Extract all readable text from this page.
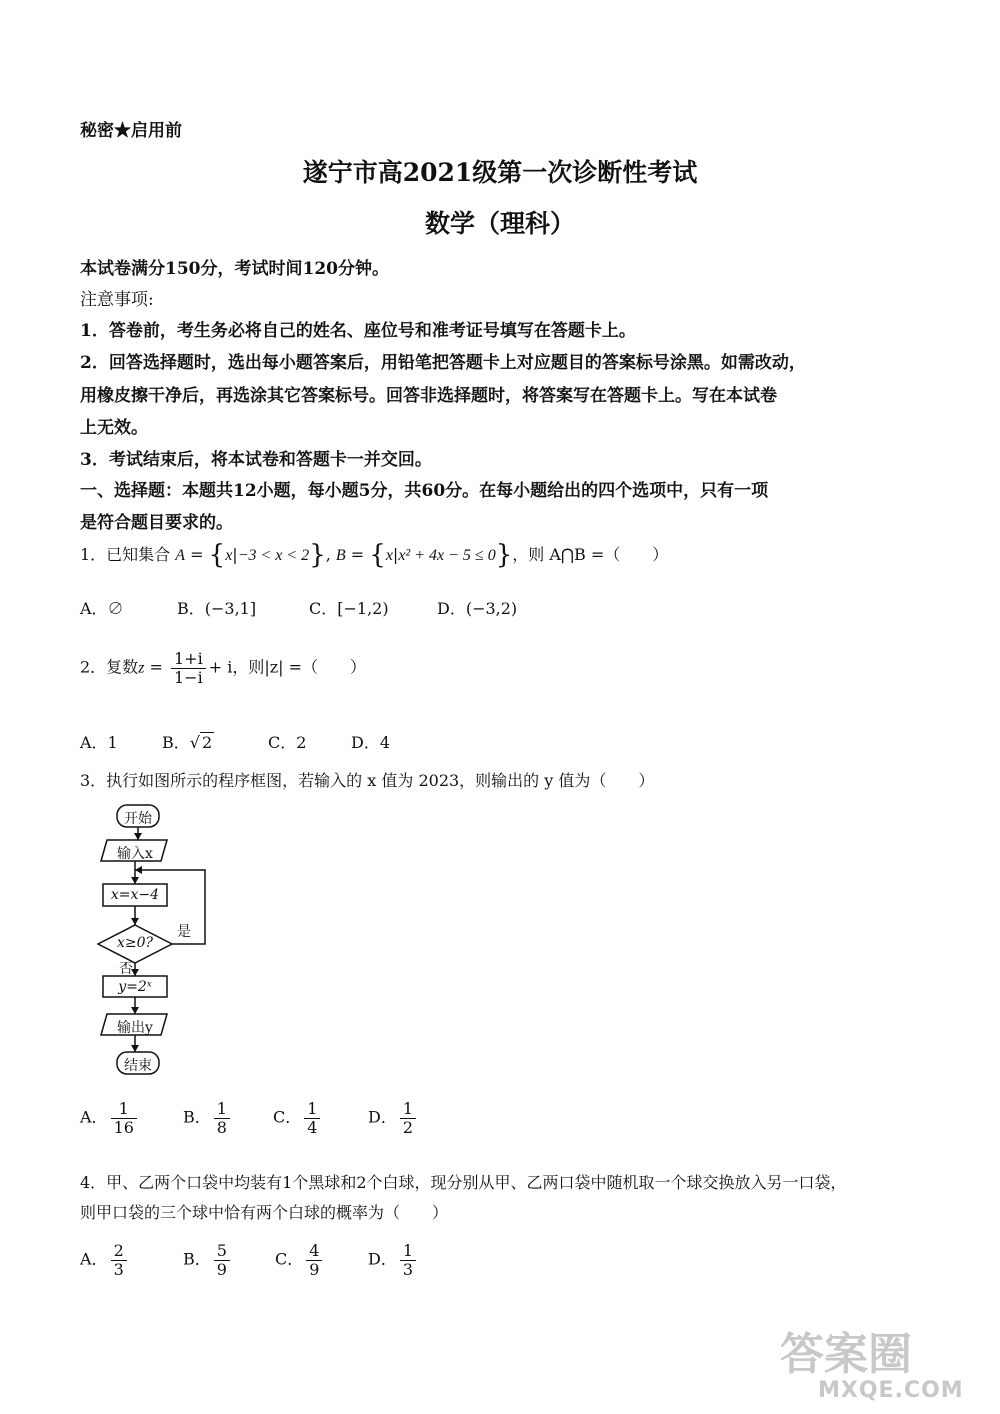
秘密★启用前
遂宁市高2021级第一次诊断性考试
数学（理科）
本试卷满分150分，考试时间120分钟。
注意事项:
1．答卷前，考生务必将自己的姓名、座位号和准考证号填写在答题卡上。
2．回答选择题时，选出每小题答案后，用铅笔把答题卡上对应题目的答案标号涂黑。如需改动，
用橡皮擦干净后，再选涂其它答案标号。回答非选择题时，将答案写在答题卡上。写在本试卷
上无效。
3．考试结束后，将本试卷和答题卡一并交回。
一、选择题：本题共12小题，每小题5分，共60分。在每小题给出的四个选项中，只有一项
是符合题目要求的。
1．已知集合 A = {x|−3 < x < 2}, B = {x|x² + 4x − 5 ≤ 0}，则 A⋂B =（　　）
A．∅	B．(−3,1]	C．[−1,2)	D．(−3,2)
2．复数$z = \frac{1+i}{1-i} + i$，则|z| =（　　）
A．1	B．√ 2	C．2	D．4
3．执行如图所示的程序框图，若输入的 x 值为 2023，则输出的 y 值为（　　）
开始
输入x
x=x−4
x≥0?
是
否
y=2ˣ
输出y
结束
A． $\frac{1}{16}$	B． $\frac{1}{8}$	C． $\frac{1}{4}$	D． $\frac{1}{2}$
4．甲、乙两个口袋中均装有1个黑球和2个白球，现分别从甲、乙两口袋中随机取一个球交换放入另一口袋，
则甲口袋的三个球中恰有两个白球的概率为（　　）
A． $\frac{2}{3}$	B． $\frac{5}{9}$	C． $\frac{4}{9}$	D． $\frac{1}{3}$
答案圈
MXQE.COM
